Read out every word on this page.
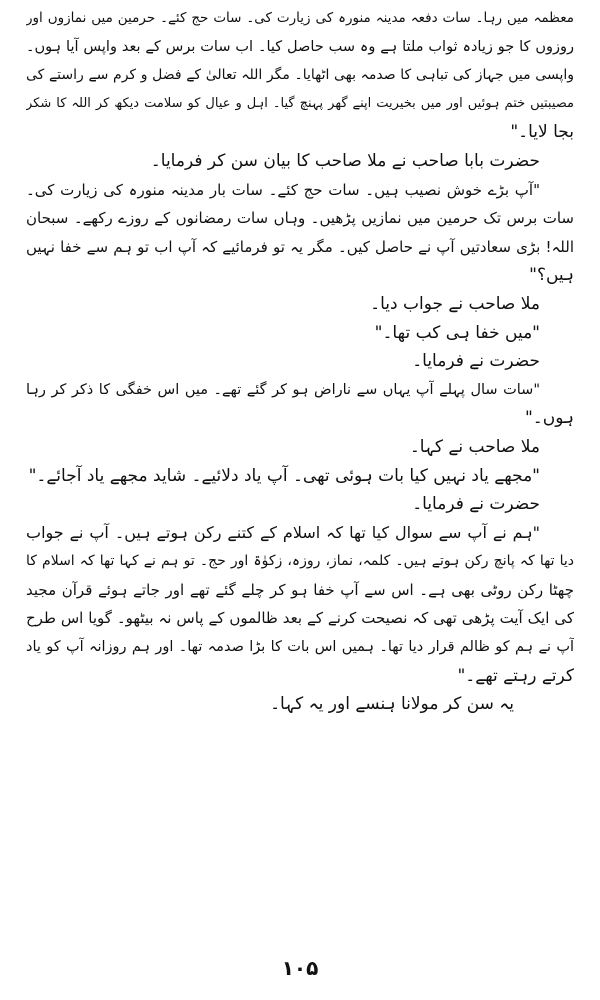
معظمہ میں رہا۔ سات دفعہ مدینہ منورہ کی زیارت کی۔ سات حج کئے۔ حرمین میں نمازوں اور
روزوں کا جو زیادہ ثواب ملتا ہے وہ سب حاصل کیا۔ اب سات برس کے بعد واپس آیا ہوں۔
واپسی میں جہاز کی تباہی کا صدمہ بھی اٹھایا۔ مگر اللہ تعالیٰ کے فضل و کرم سے راستے کی
مصیبتیں ختم ہوئیں اور میں بخیریت اپنے گھر پہنچ گیا۔ اہل و عیال کو سلامت دیکھ کر اللہ کا شکر
بجا لایا۔"
حضرت بابا صاحب نے ملا صاحب کا بیان سن کر فرمایا۔
"آپ بڑے خوش نصیب ہیں۔ سات حج کئے۔ سات بار مدینہ منورہ کی زیارت کی۔
سات برس تک حرمین میں نمازیں پڑھیں۔ وہاں سات رمضانوں کے روزے رکھے۔ سبحان
اللہ! بڑی سعادتیں آپ نے حاصل کیں۔ مگر یہ تو فرمائیے کہ آپ اب تو ہم سے خفا نہیں
ہیں؟"
ملا صاحب نے جواب دیا۔
"میں خفا ہی کب تھا۔"
حضرت نے فرمایا۔
"سات سال پہلے آپ یہاں سے ناراض ہو کر گئے تھے۔ میں اس خفگی کا ذکر کر رہا
ہوں۔"
ملا صاحب نے کہا۔
"مجھے یاد نہیں کیا بات ہوئی تھی۔ آپ یاد دلائیے۔ شاید مجھے یاد آجائے۔"
حضرت نے فرمایا۔
"ہم نے آپ سے سوال کیا تھا کہ اسلام کے کتنے رکن ہوتے ہیں۔ آپ نے جواب
دیا تھا کہ پانچ رکن ہوتے ہیں۔ کلمہ، نماز، روزہ، زکوٰۃ اور حج۔ تو ہم نے کہا تھا کہ اسلام کا
چھٹا رکن روٹی بھی ہے۔ اس سے آپ خفا ہو کر چلے گئے تھے اور جاتے ہوئے قرآن مجید
کی ایک آیت پڑھی تھی کہ نصیحت کرنے کے بعد ظالموں کے پاس نہ بیٹھو۔ گویا اس طرح
آپ نے ہم کو ظالم قرار دیا تھا۔ ہمیں اس بات کا بڑا صدمہ تھا۔ اور ہم روزانہ آپ کو یاد
کرتے رہتے تھے۔"
یہ سن کر مولانا ہنسے اور یہ کہا۔
۱۰۵
